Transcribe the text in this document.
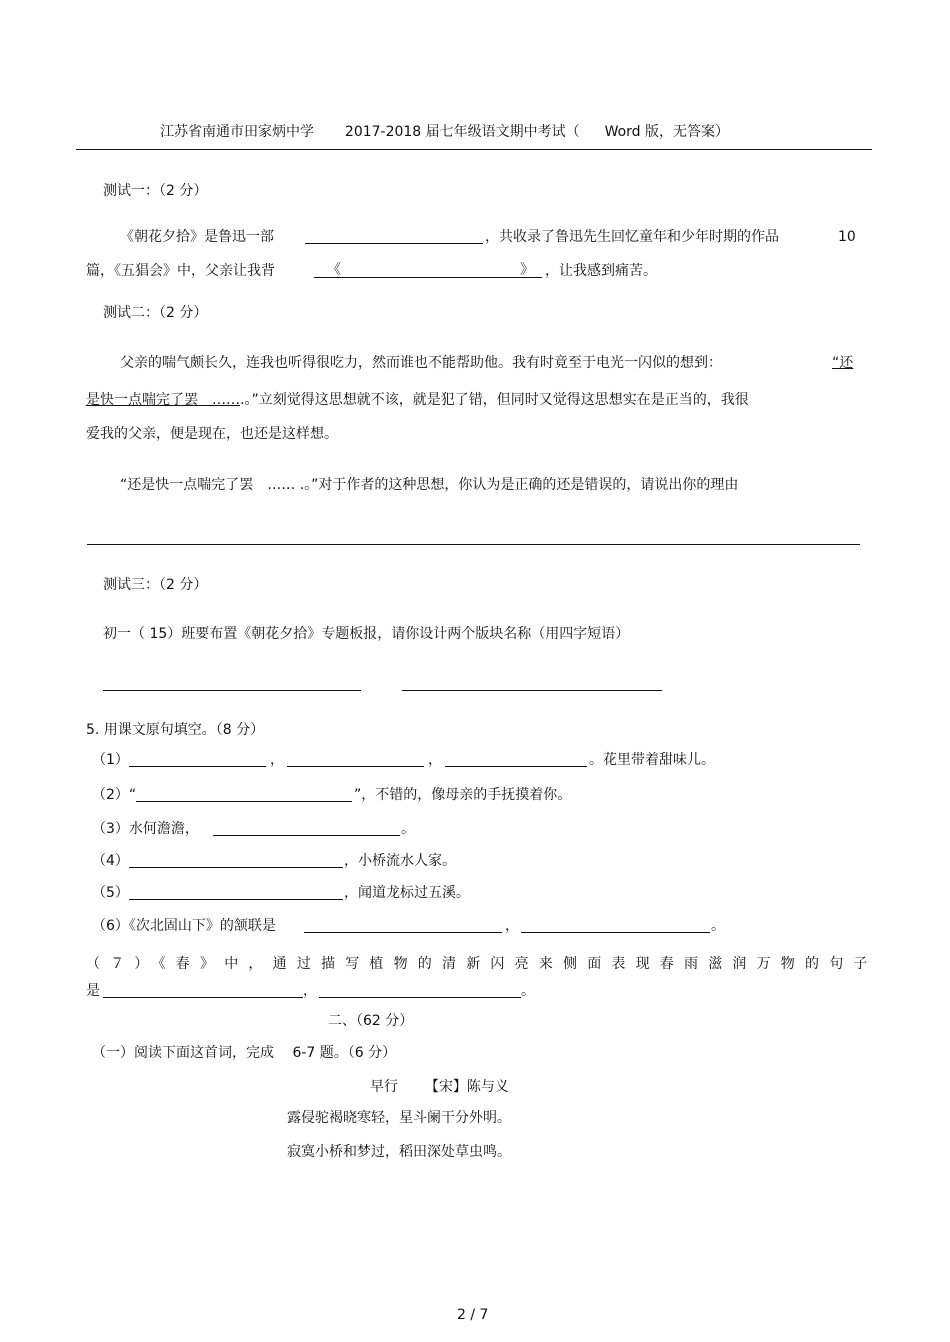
江苏省南通市田家炳中学 2017-2018 届七年级语文期中考试（ Word 版，无答案）
测试一：（2 分）
《朝花夕拾》是鲁迅一部	，共收录了鲁迅先生回忆童年和少年时期的作品	10
篇，《五猖会》中，父亲让我背	《	》 ，让我感到痛苦。
测试二：（2 分）
父亲的喘气颇长久，连我也听得很吃力，然而谁也不能帮助他。我有时竟至于电光一闪似的想到：	“还
是快一点喘完了罢　…….。”立刻觉得这思想就不该，就是犯了错，但同时又觉得这思想实在是正当的，我很
爱我的父亲，便是现在，也还是这样想。
“还是快一点喘完了罢　…… .。”对于作者的这种思想，你认为是正确的还是错误的，请说出你的理由
测试三：（2 分）
初一（ 15）班要布置《朝花夕拾》专题板报，请你设计两个版块名称（用四字短语）
5. 用课文原句填空。（8 分）
（1）	，	，	。花里带着甜味儿。
（2）“	”，不错的，像母亲的手抚摸着你。
（3）水何澹澹，	。
（4）	，小桥流水人家。
（5）	，闻道龙标过五溪。
（6）《次北固山下》的颔联是	，	。
（７）《春》中，通过描写植物的清新闪亮来侧面表现春雨滋润万物的句子
是	，	。
二、（62 分）
（一）阅读下面这首词，完成　 6-7 题。（6 分）
早行 【宋】陈与义
露侵驼褐晓寒轻，星斗阑干分外明。
寂寞小桥和梦过，稻田深处草虫鸣。
2 / 7
